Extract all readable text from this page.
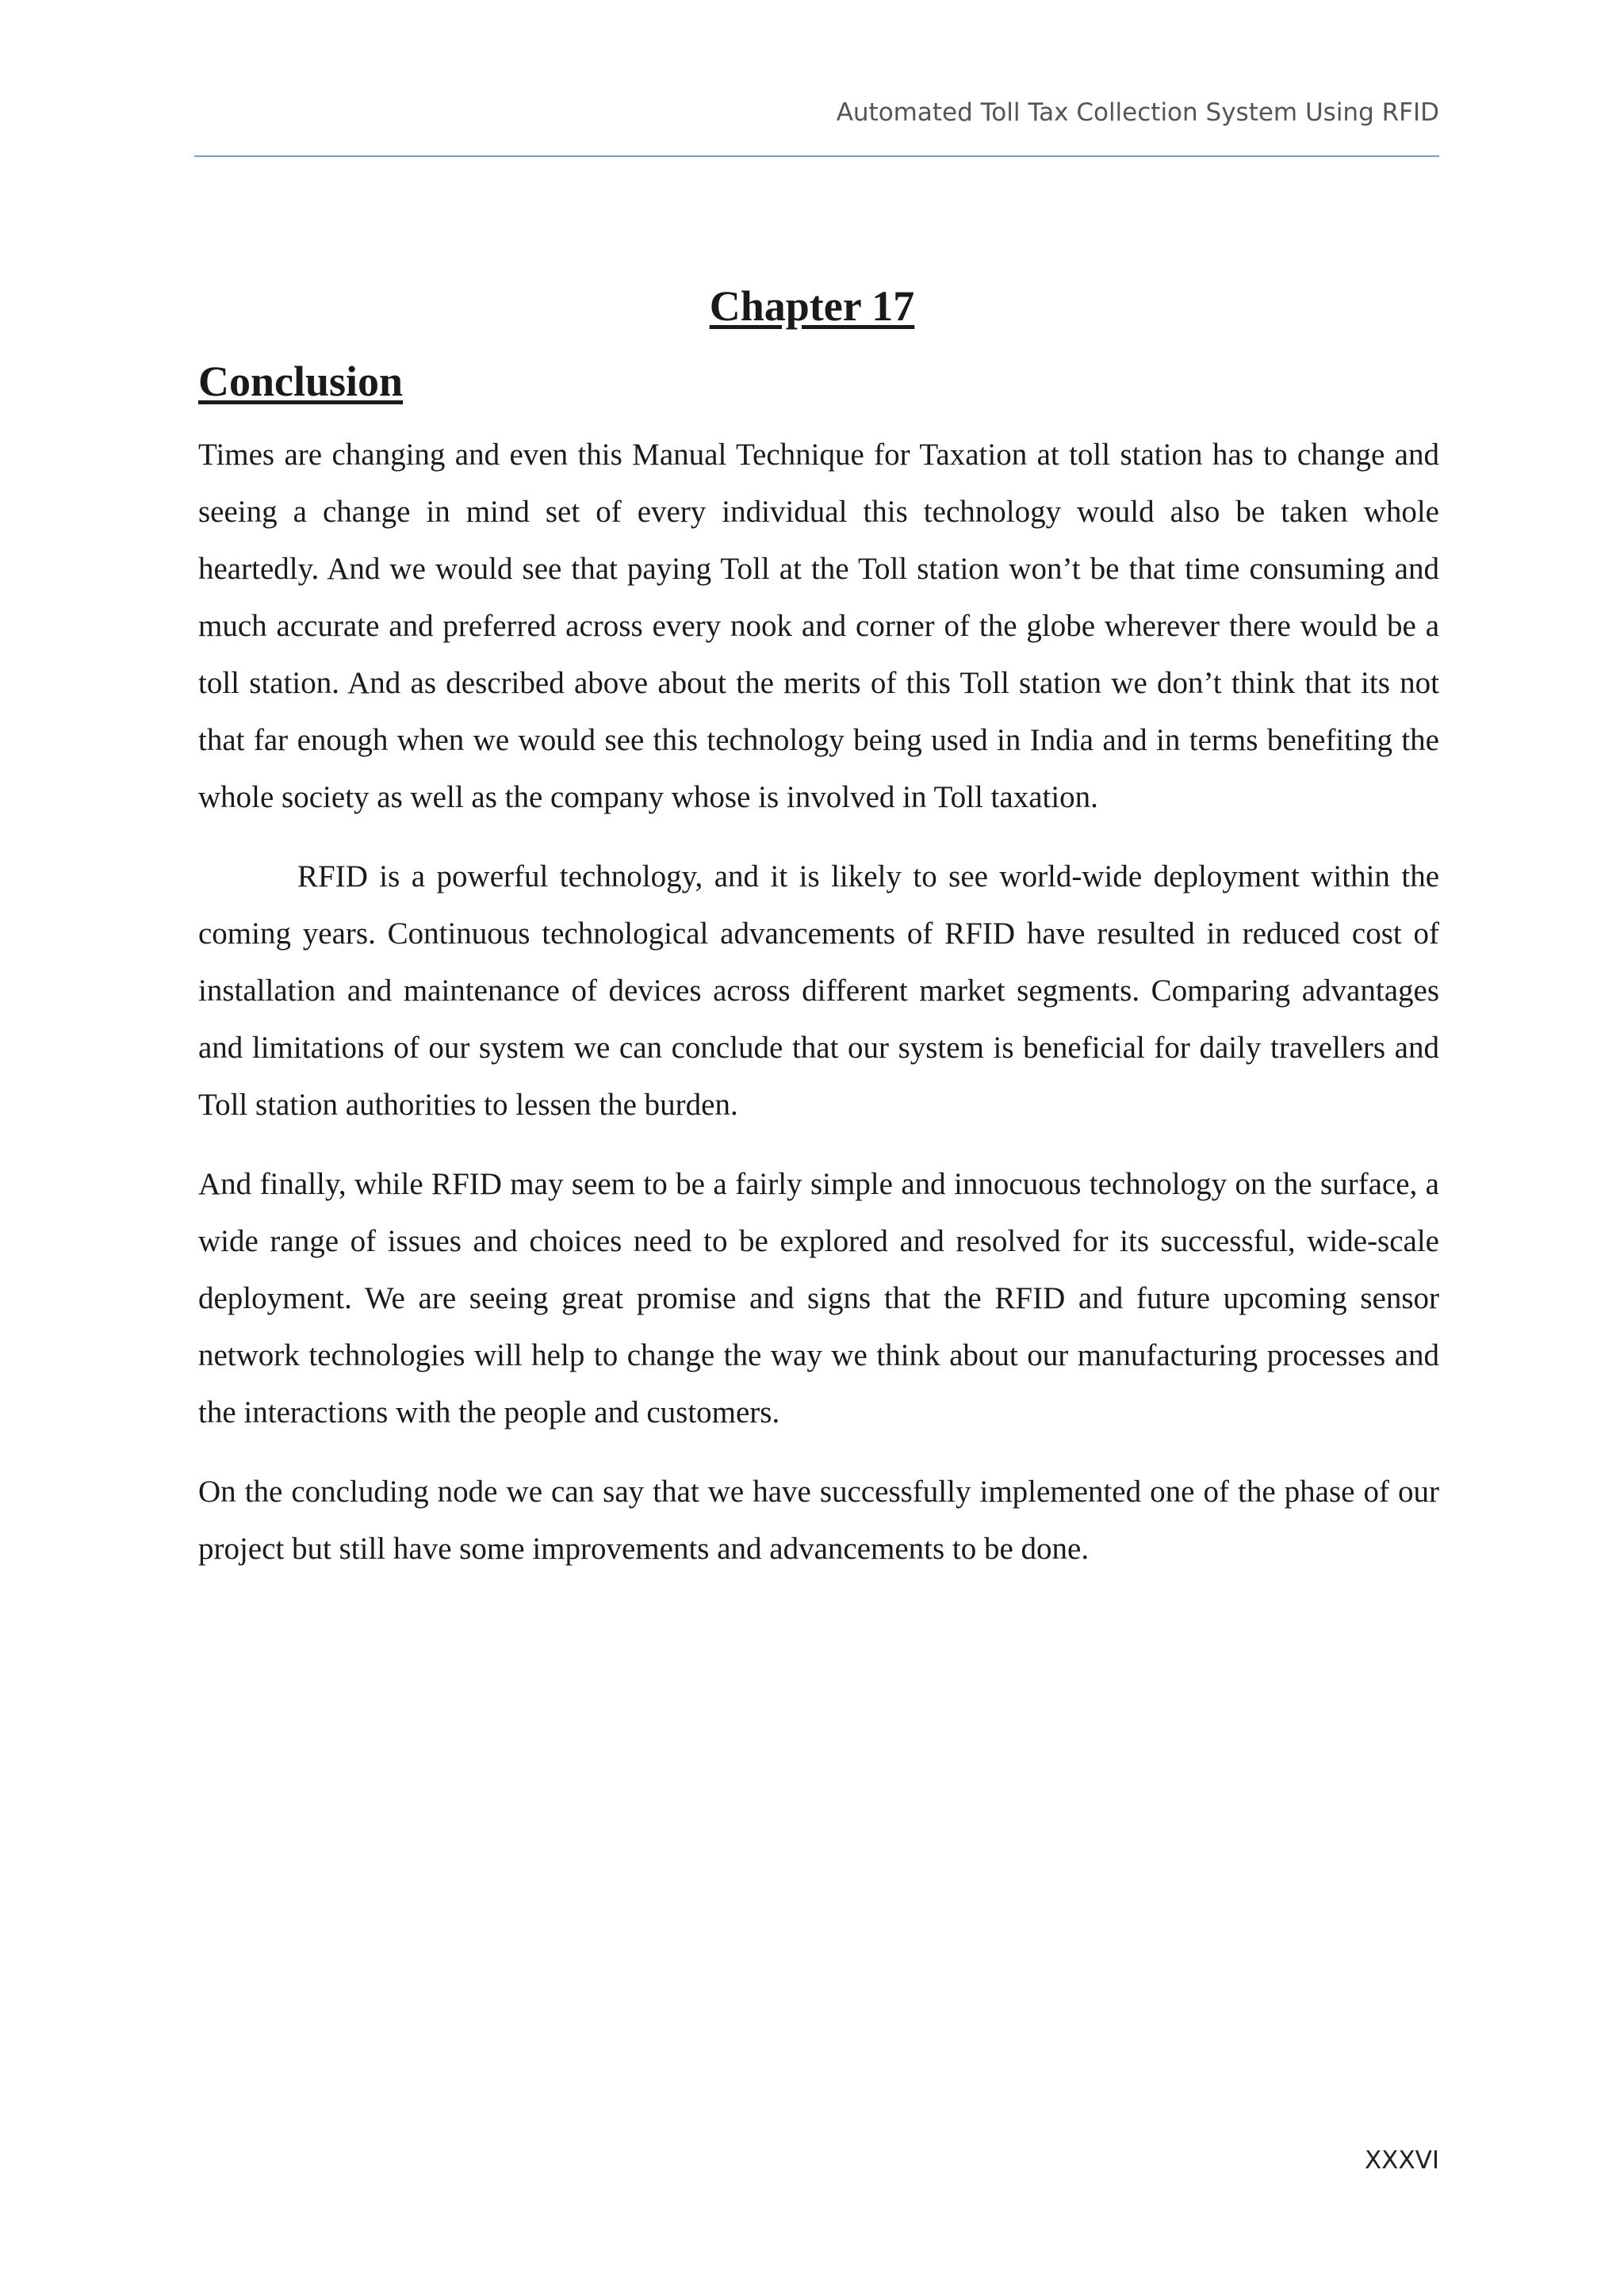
Automated Toll Tax Collection System Using RFID
Chapter 17
Conclusion

Times are changing and even this Manual Technique for Taxation at toll station has to change and seeing a change in mind set of every individual this technology would also be taken whole heartedly. And we would see that paying Toll at the Toll station won’t be that time consuming and much accurate and preferred across every nook and corner of the globe wherever there would be a toll station. And as described above about the merits of this Toll station we don’t think that its not that far enough when we would see this technology being used in India and in terms benefiting the whole society as well as the company whose is involved in Toll taxation.

RFID is a powerful technology, and it is likely to see world-wide deployment within the coming years. Continuous technological advancements of RFID have resulted in reduced cost of installation and maintenance of devices across different market segments. Comparing advantages and limitations of our system we can conclude that our system is beneficial for daily travellers and Toll station authorities to lessen the burden.

And finally, while RFID may seem to be a fairly simple and innocuous technology on the surface, a wide range of issues and choices need to be explored and resolved for its successful, wide-scale deployment. We are seeing great promise and signs that the RFID and future upcoming sensor network technologies will help to change the way we think about our manufacturing processes and the interactions with the people and customers.

On the concluding node we can say that we have successfully implemented one of the phase of our project but still have some improvements and advancements to be done.

XXXVI
